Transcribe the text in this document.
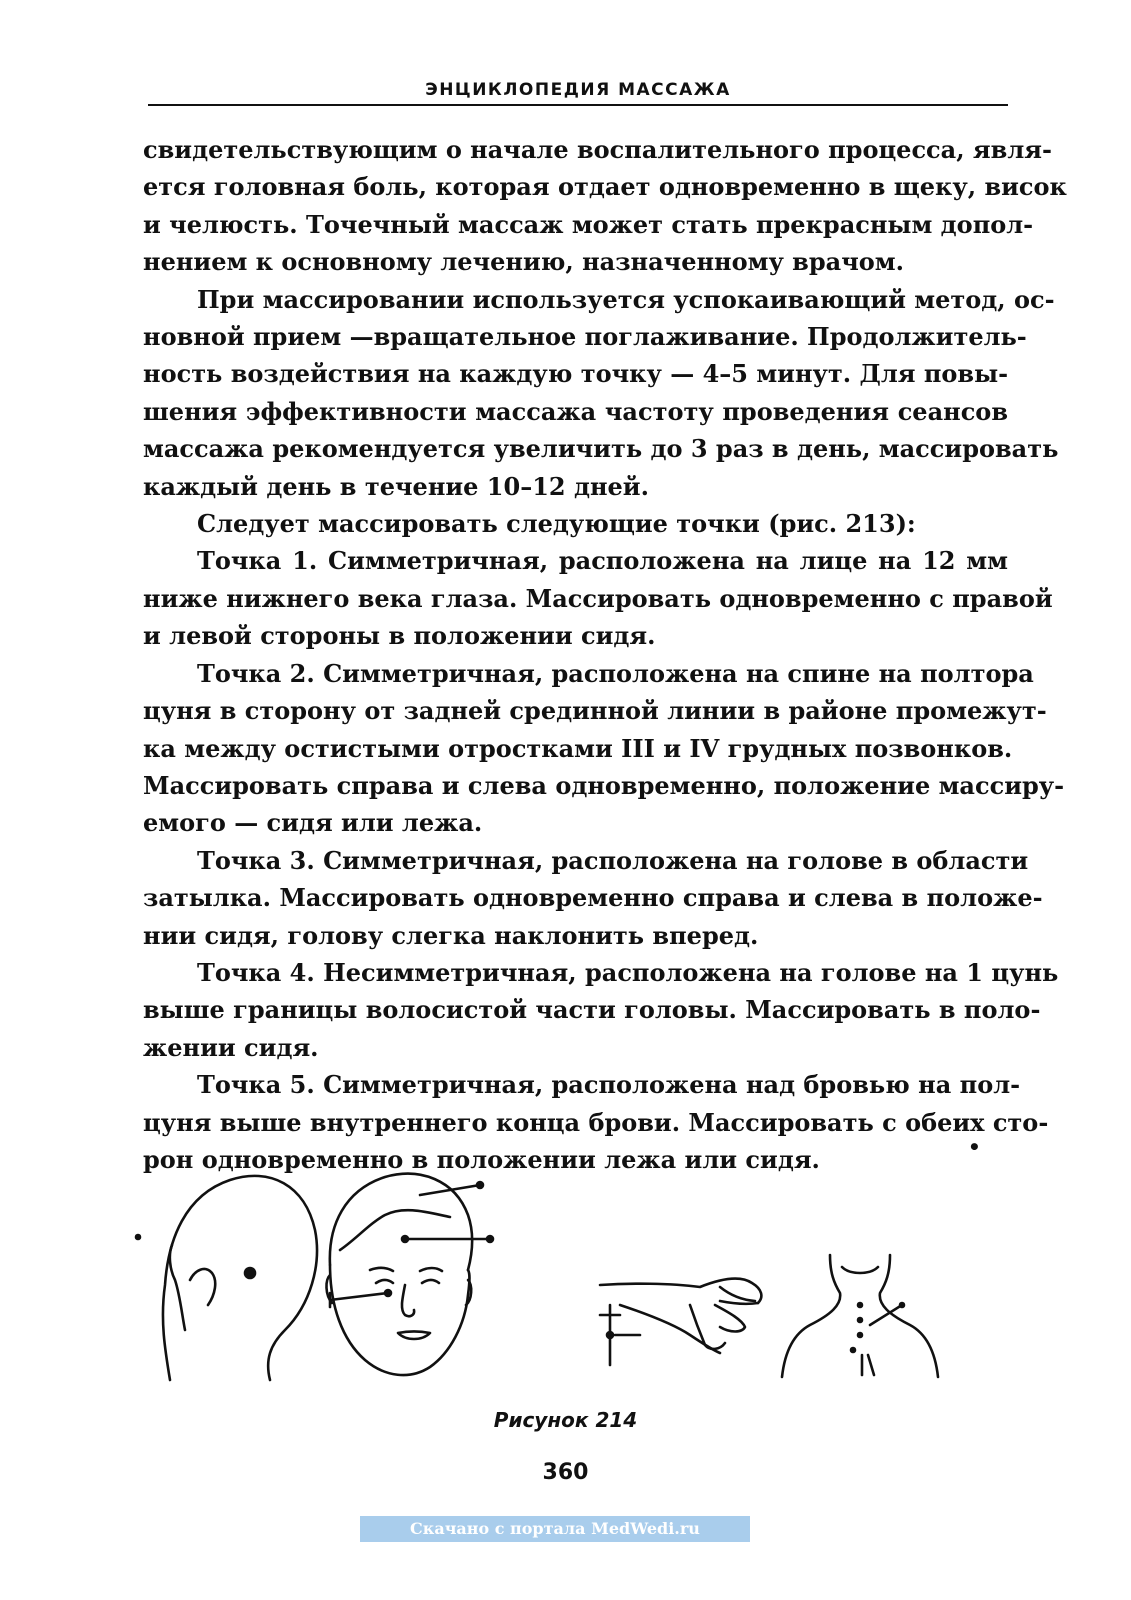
ЭНЦИКЛОПЕДИЯ МАССАЖА

свидетельствующим о начале воспалительного процесса, явля-
ется головная боль, которая отдает одновременно в щеку, висок
и челюсть. Точечный массаж может стать прекрасным допол-
нением к основному лечению, назначенному врачом.

При массировании используется успокаивающий метод, ос-
новной прием —вращательное поглаживание. Продолжитель-
ность воздействия на каждую точку — 4–5 минут. Для повы-
шения эффективности массажа частоту проведения сеансов
массажа рекомендуется увеличить до 3 раз в день, массировать
каждый день в течение 10–12 дней.

Следует массировать следующие точки (рис. 213):

Точка 1. Симметричная, расположена на лице на 12 мм
ниже нижнего века глаза. Массировать одновременно с правой
и левой стороны в положении сидя.

Точка 2. Симметричная, расположена на спине на полтора
цуня в сторону от задней срединной линии в районе промежут-
ка между остистыми отростками III и IV грудных позвонков.
Массировать справа и слева одновременно, положение массиру-
емого — сидя или лежа.

Точка 3. Симметричная, расположена на голове в области
затылка. Массировать одновременно справа и слева в положе-
нии сидя, голову слегка наклонить вперед.

Точка 4. Несимметричная, расположена на голове на 1 цунь
выше границы волосистой части головы. Массировать в поло-
жении сидя.

Точка 5. Симметричная, расположена над бровью на пол-
цуня выше внутреннего конца брови. Массировать с обеих сто-
рон одновременно в положении лежа или сидя.	•
Рисунок 214
360
Скачано с портала MedWedi.ru
